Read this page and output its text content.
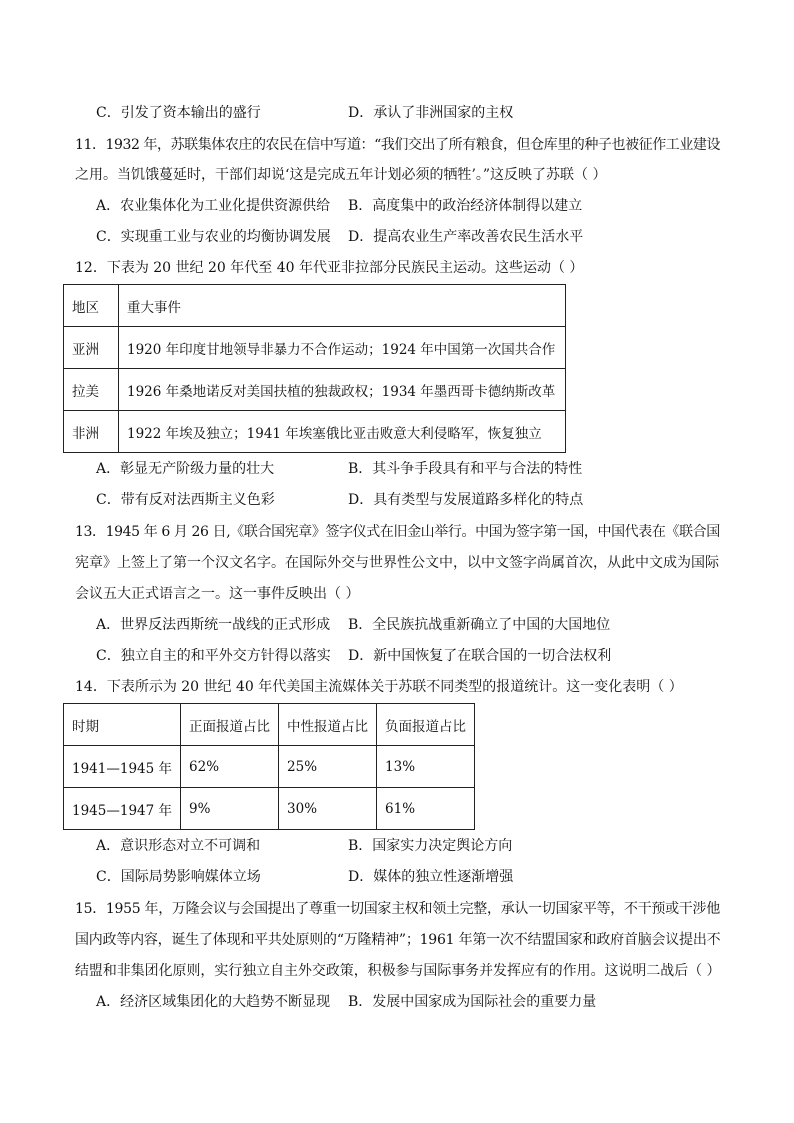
C．引发了资本输出的盛行	D．承认了非洲国家的主权
11．1932 年，苏联集体农庄的农民在信中写道：“我们交出了所有粮食，但仓库里的种子也被征作工业建设
之用。当饥饿蔓延时，干部们却说‘这是完成五年计划必须的牺牲’。”这反映了苏联（ ）
A．农业集体化为工业化提供资源供给 B．高度集中的政治经济体制得以建立
C．实现重工业与农业的均衡协调发展 D．提高农业生产率改善农民生活水平
12．下表为 20 世纪 20 年代至 40 年代亚非拉部分民族民主运动。这些运动（ ）
地区	重大事件
亚洲	1920 年印度甘地领导非暴力不合作运动；1924 年中国第一次国共合作
拉美	1926 年桑地诺反对美国扶植的独裁政权；1934 年墨西哥卡德纳斯改革
非洲	1922 年埃及独立；1941 年埃塞俄比亚击败意大利侵略军，恢复独立
A．彰显无产阶级力量的壮大	B．其斗争手段具有和平与合法的特性
C．带有反对法西斯主义色彩	D．具有类型与发展道路多样化的特点
13．1945 年 6 月 26 日,《联合国宪章》签字仪式在旧金山举行。中国为签字第一国，中国代表在《联合国
宪章》上签上了第一个汉文名字。在国际外交与世界性公文中，以中文签字尚属首次，从此中文成为国际
会议五大正式语言之一。这一事件反映出（ ）
A．世界反法西斯统一战线的正式形成 B．全民族抗战重新确立了中国的大国地位
C．独立自主的和平外交方针得以落实 D．新中国恢复了在联合国的一切合法权利
14．下表所示为 20 世纪 40 年代美国主流媒体关于苏联不同类型的报道统计。这一变化表明（ ）
时期	正面报道占比	中性报道占比	负面报道占比
1941—1945 年	62%	25%	13%
1945—1947 年	9%	30%	61%
A．意识形态对立不可调和	B．国家实力决定舆论方向
C．国际局势影响媒体立场	D．媒体的独立性逐渐增强
15．1955 年，万隆会议与会国提出了尊重一切国家主权和领土完整，承认一切国家平等，不干预或干涉他
国内政等内容，诞生了体现和平共处原则的“万隆精神”；1961 年第一次不结盟国家和政府首脑会议提出不
结盟和非集团化原则，实行独立自主外交政策，积极参与国际事务并发挥应有的作用。这说明二战后（ ）
A．经济区域集团化的大趋势不断显现 B．发展中国家成为国际社会的重要力量
